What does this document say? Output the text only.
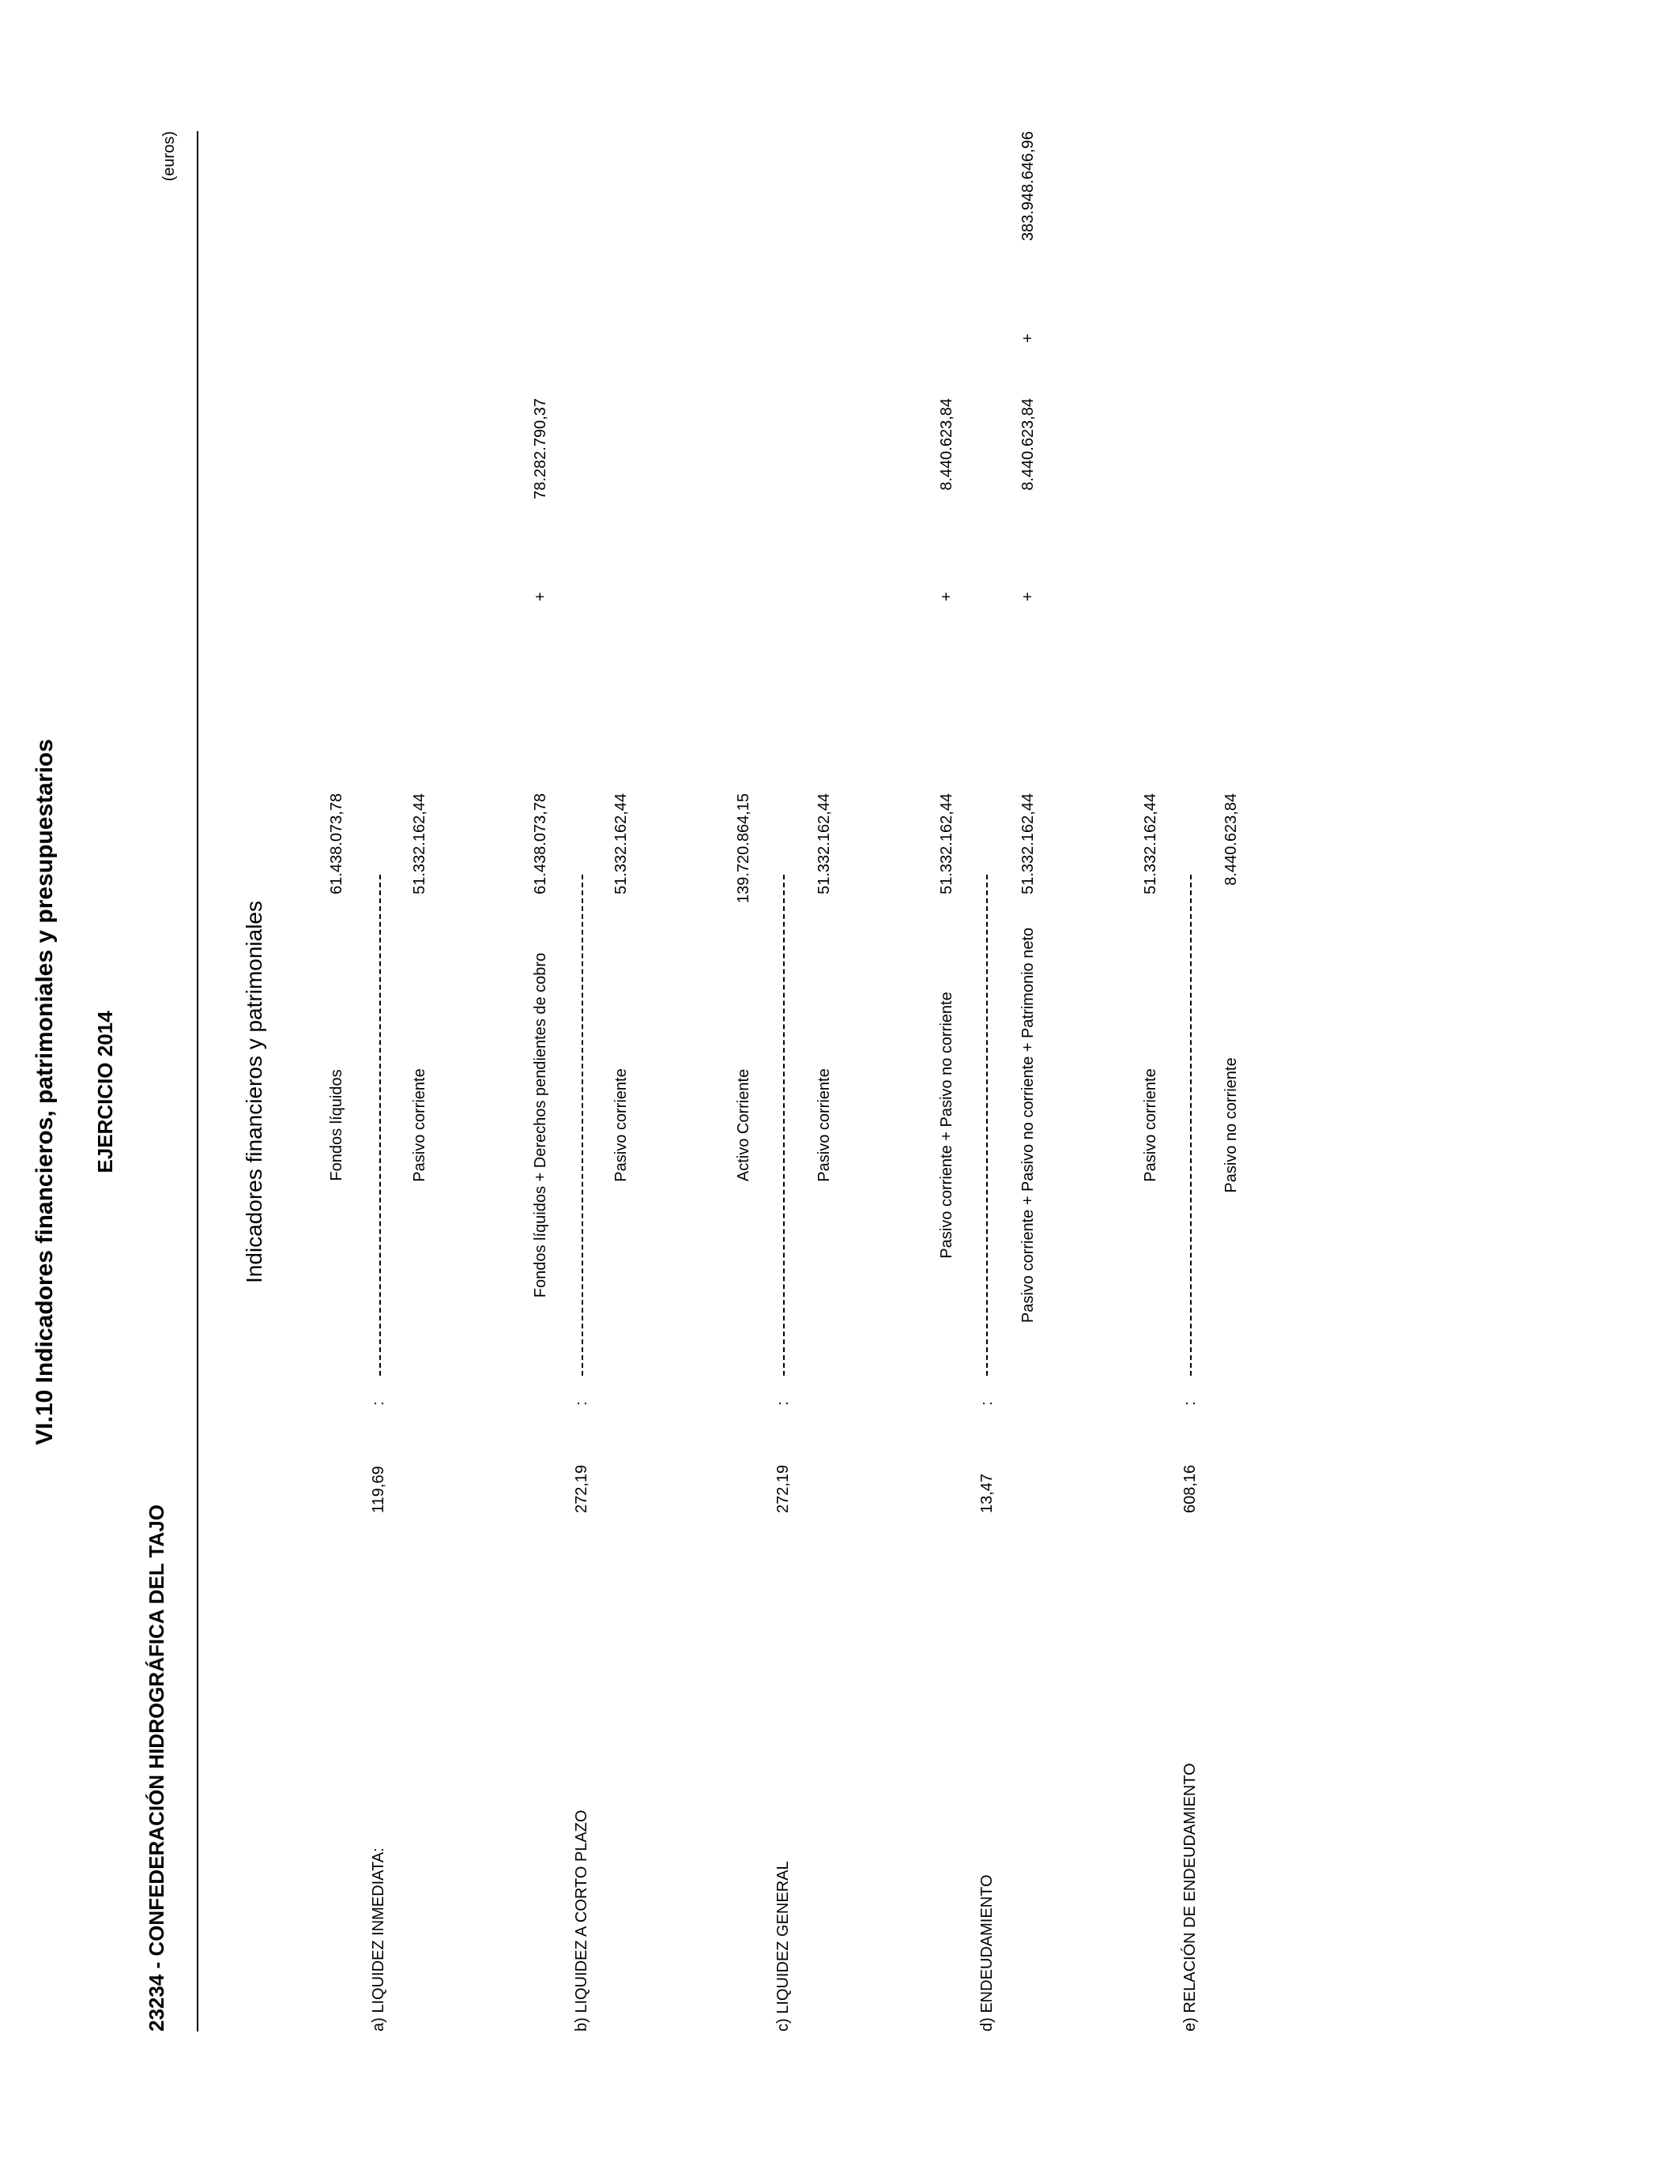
VI.10 Indicadores financieros, patrimoniales y presupuestarios EJERCICIO 2014
23234 - CONFEDERACIÓN HIDROGRÁFICA DEL TAJO
(euros)
Indicadores financieros y patrimoniales
a) LIQUIDEZ INMEDIATA:
119,69
:
Fondos líquidos
61.438.073,78
Pasivo corriente
51.332.162,44
b) LIQUIDEZ A CORTO PLAZO
272,19
:
Fondos líquidos + Derechos pendientes de cobro
61.438.073,78
+
78.282.790,37
Pasivo corriente
51.332.162,44
c) LIQUIDEZ GENERAL
272,19
:
Activo Corriente
139.720.864,15
Pasivo corriente
51.332.162,44
d) ENDEUDAMIENTO
13,47
:
Pasivo corriente + Pasivo no corriente
51.332.162,44
+
8.440.623,84
Pasivo corriente + Pasivo no corriente + Patrimonio neto
51.332.162,44
+
8.440.623,84
+
383.948.646,96
e) RELACIÓN DE ENDEUDAMIENTO
608,16
:
Pasivo corriente
51.332.162,44
Pasivo no corriente
8.440.623,84
